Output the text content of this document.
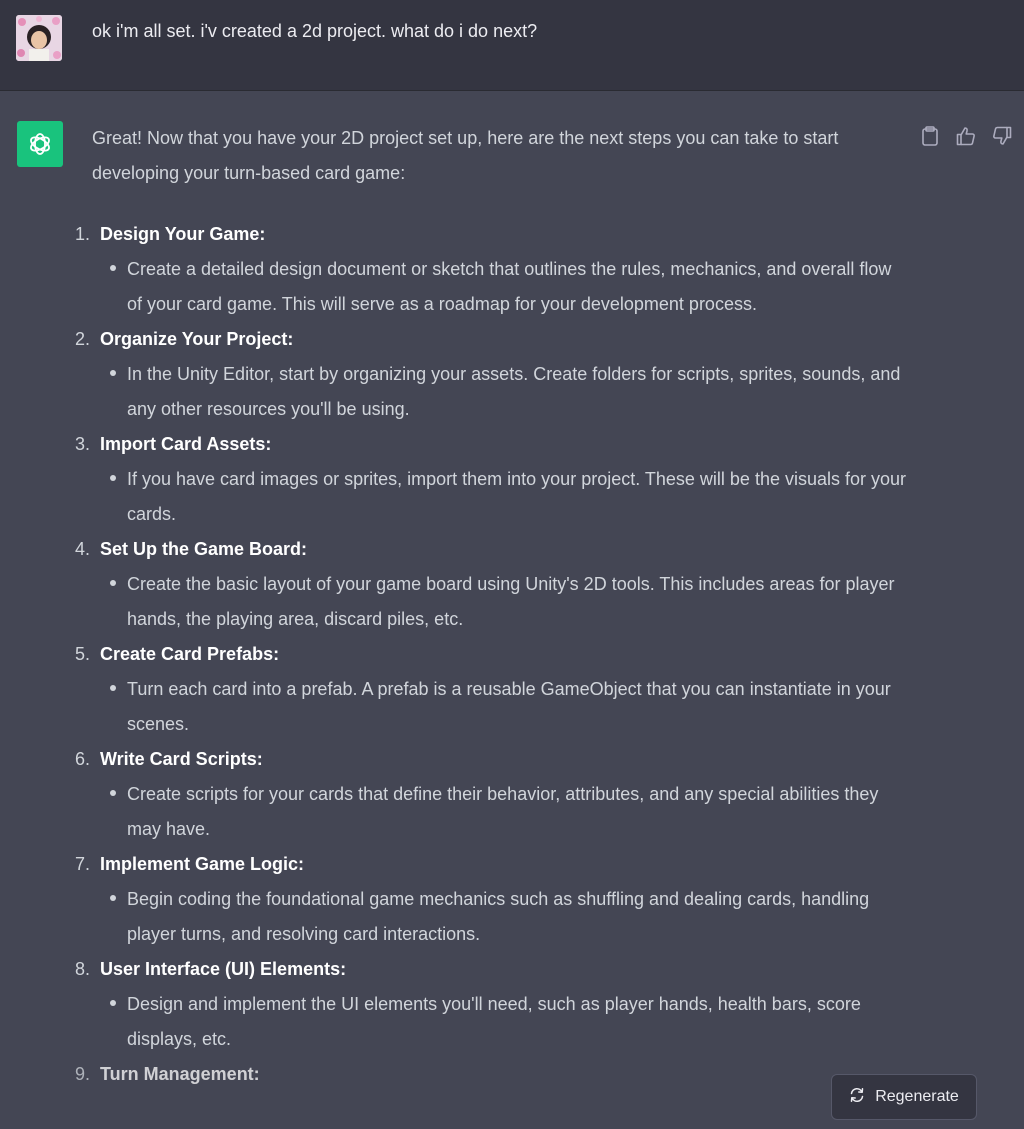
ok i'm all set. i'v created a 2d project. what do i do next?
Great! Now that you have your 2D project set up, here are the next steps you can take to start developing your turn-based card game:
1. Design Your Game:
Create a detailed design document or sketch that outlines the rules, mechanics, and overall flow of your card game. This will serve as a roadmap for your development process.
2. Organize Your Project:
In the Unity Editor, start by organizing your assets. Create folders for scripts, sprites, sounds, and any other resources you'll be using.
3. Import Card Assets:
If you have card images or sprites, import them into your project. These will be the visuals for your cards.
4. Set Up the Game Board:
Create the basic layout of your game board using Unity's 2D tools. This includes areas for player hands, the playing area, discard piles, etc.
5. Create Card Prefabs:
Turn each card into a prefab. A prefab is a reusable GameObject that you can instantiate in your scenes.
6. Write Card Scripts:
Create scripts for your cards that define their behavior, attributes, and any special abilities they may have.
7. Implement Game Logic:
Begin coding the foundational game mechanics such as shuffling and dealing cards, handling player turns, and resolving card interactions.
8. User Interface (UI) Elements:
Design and implement the UI elements you'll need, such as player hands, health bars, score displays, etc.
9. Turn Management:
Regenerate
